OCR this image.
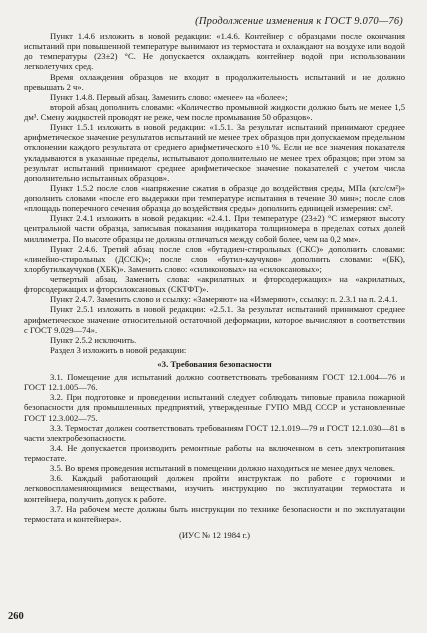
(Продолжение изменения к ГОСТ 9.070—76)

Пункт 1.4.6 изложить в новой редакции: «1.4.6. Контейнер с образцами после окончания испытаний при повышенной температуре вынимают из термостата и охлаждают на воздухе или водой до температуры (23±2) °С. Не допускается охлаждать контейнер водой при использовании легколетучих сред.

Время охлаждения образцов не входит в продолжительность испытаний и не должно превышать 2 ч».

Пункт 1.4.8. Первый абзац. Заменить слово: «менее» на «более»;

второй абзац дополнить словами: «Количество промывной жидкости должно быть не менее 1,5 дм³. Смену жидкостей проводят не реже, чем после промывания 50 образцов».

Пункт 1.5.1 изложить в новой редакции: «1.5.1. За результат испытаний принимают среднее арифметическое значение результатов испытаний не менее трех образцов при допускаемом предельном отклонении каждого результата от среднего арифметического ±10 %. Если не все значения показателя укладываются в указанные пределы, испытывают дополнительно не менее трех образцов; при этом за результат испытаний принимают среднее арифметическое значение показателей с учетом числа дополнительно испытанных образцов».

Пункт 1.5.2 после слов «напряжение сжатия в образце до воздействия среды, МПа (кгс/см²)» дополнить словами «после его выдержки при температуре испытания в течение 30 мин»; после слов «площадь поперечного сечения образца до воздействия среды» дополнить единицей измерения: см².

Пункт 2.4.1 изложить в новой редакции: «2.4.1. При температуре (23±2) °С измеряют высоту центральной части образца, записывая показания индикатора толщиномера в пределах сотых долей миллиметра. По высоте образцы не должны отличаться между собой более, чем на 0,2 мм».

Пункт 2.4.6. Третий абзац после слов «бутадиен-стирольных (СКС)» дополнить словами: «линейно-стирольных (ДССК)»; после слов «бутил-каучуков» дополнить словами: «(БК), хлорбутилкаучуков (ХБК)». Заменить слово: «силиконовых» на «силоксановых»;

четвертый абзац. Заменить слова: «акрилатных и фторсодержащих» на «акрилатных, фторсодержащих и фторсилоксановых (СКТФТ)».

Пункт 2.4.7. Заменить слово и ссылку: «Замеряют» на «Измеряют», ссылку: п. 2.3.1 на п. 2.4.1.

Пункт 2.5.1 изложить в новой редакции: «2.5.1. За результат испытаний принимают среднее арифметическое значение относительной остаточной деформации, которое вычисляют в соответствии с ГОСТ 9.029—74».

Пункт 2.5.2 исключить.

Раздел 3 изложить в новой редакции:

«3. Требования безопасности

3.1. Помещение для испытаний должно соответствовать требованиям ГОСТ 12.1.004—76 и ГОСТ 12.1.005—76.

3.2. При подготовке и проведении испытаний следует соблюдать типовые правила пожарной безопасности для промышленных предприятий, утвержденные ГУПО МВД СССР и установленные ГОСТ 12.3.002—75.

3.3. Термостат должен соответствовать требованиям ГОСТ 12.1.019—79 и ГОСТ 12.1.030—81 в части электробезопасности.

3.4. Не допускается производить ремонтные работы на включенном в сеть электропитания термостате.

3.5. Во время проведения испытаний в помещении должно находиться не менее двух человек.

3.6. Каждый работающий должен пройти инструктаж по работе с горючими и легковоспламеняющимися веществами, изучить инструкцию по эксплуатации термостата и контейнера, получить допуск к работе.

3.7. На рабочем месте должны быть инструкции по технике безопасности и по эксплуатации термостата и контейнера».

(ИУС № 12 1984 г.)
260
